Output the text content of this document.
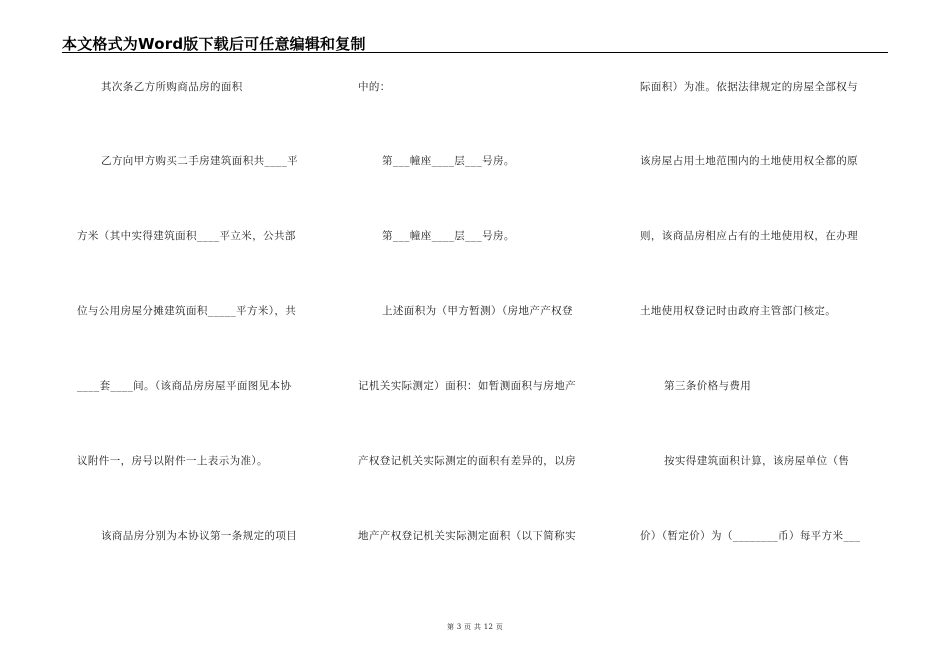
本文格式为Word版下载后可任意编辑和复制
其次条乙方所购商品房的面积
乙方向甲方购买二手房建筑面积共____平
方米（其中实得建筑面积____平立米，公共部
位与公用房屋分摊建筑面积_____平方米），共
____套____间。（该商品房房屋平面图见本协
议附件一，房号以附件一上表示为准）。
该商品房分别为本协议第一条规定的项目
中的：
第___幢座____层___号房。
第___幢座____层___号房。
上述面积为（甲方暂测）（房地产产权登
记机关实际测定）面积：如暂测面积与房地产
产权登记机关实际测定的面积有差异的，以房
地产产权登记机关实际测定面积（以下简称实
际面积）为准。依据法律规定的房屋全部权与
该房屋占用土地范围内的土地使用权全都的原
则，该商品房相应占有的土地使用权，在办理
土地使用权登记时由政府主管部门核定。
第三条价格与费用
按实得建筑面积计算，该房屋单位（售
价）（暂定价）为（________币）每平方米___
第 3 页 共 12 页
